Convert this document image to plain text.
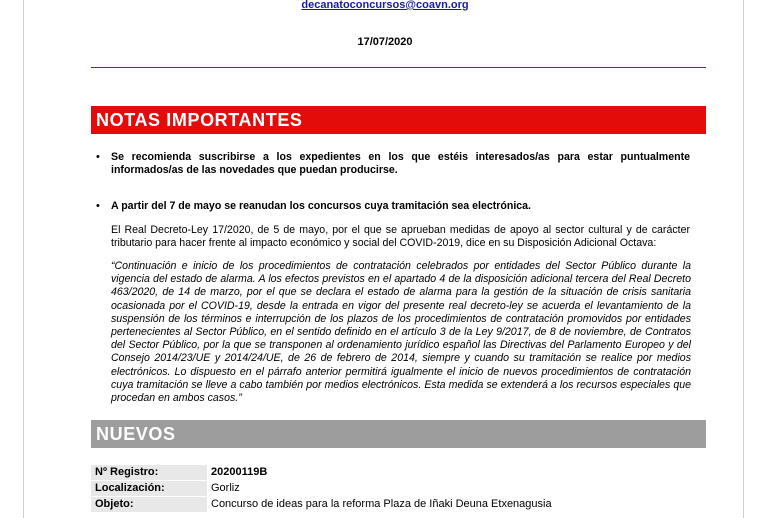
decanatoconcursos@coavn.org
17/07/2020
NOTAS IMPORTANTES
• Se recomienda suscribirse a los expedientes en los que estéis interesados/as para estar puntualmente informados/as de las novedades que puedan producirse.
• A partir del 7 de mayo se reanudan los concursos cuya tramitación sea electrónica.
El Real Decreto-Ley 17/2020, de 5 de mayo, por el que se aprueban medidas de apoyo al sector cultural y de carácter tributario para hacer frente al impacto económico y social del COVID-2019, dice en su Disposición Adicional Octava:
“Continuación e inicio de los procedimientos de contratación celebrados por entidades del Sector Público durante la vigencia del estado de alarma. A los efectos previstos en el apartado 4 de la disposición adicional tercera del Real Decreto 463/2020, de 14 de marzo, por el que se declara el estado de alarma para la gestión de la situación de crisis sanitaria ocasionada por el COVID-19, desde la entrada en vigor del presente real decreto-ley se acuerda el levantamiento de la suspensión de los términos e interrupción de los plazos de los procedimientos de contratación promovidos por entidades pertenecientes al Sector Público, en el sentido definido en el artículo 3 de la Ley 9/2017, de 8 de noviembre, de Contratos del Sector Público, por la que se transponen al ordenamiento jurídico español las Directivas del Parlamento Europeo y del Consejo 2014/23/UE y 2014/24/UE, de 26 de febrero de 2014, siempre y cuando su tramitación se realice por medios electrónicos. Lo dispuesto en el párrafo anterior permitirá igualmente el inicio de nuevos procedimientos de contratación cuya tramitación se lleve a cabo también por medios electrónicos. Esta medida se extenderá a los recursos especiales que procedan en ambos casos.”
NUEVOS
Nº Registro:	20200119B
Localización:	Gorliz
Objeto:	Concurso de ideas para la reforma Plaza de Iñaki Deuna Etxenagusia
